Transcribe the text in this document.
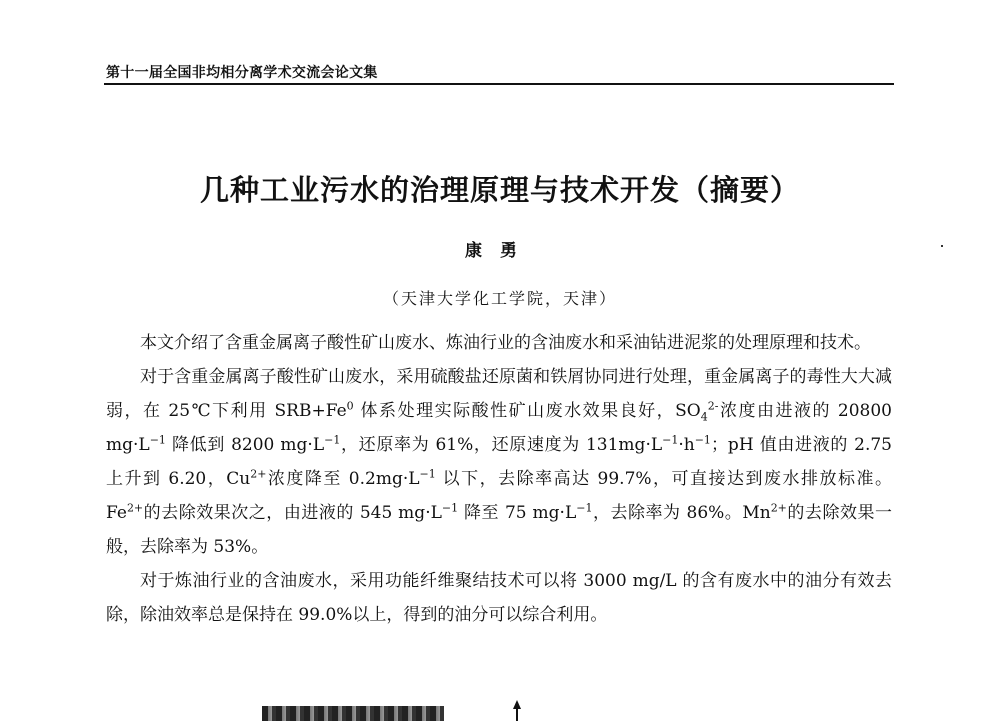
第十一届全国非均相分离学术交流会论文集
几种工业污水的治理原理与技术开发（摘要）
康勇
（天津大学化工学院，天津）

本文介绍了含重金属离子酸性矿山废水、炼油行业的含油废水和采油钻进泥浆的处理原理和技术。

对于含重金属离子酸性矿山废水，采用硫酸盐还原菌和铁屑协同进行处理，重金属离子的毒性大大减弱，在 25℃下利用 $SRB+Fe^0$ 体系处理实际酸性矿山废水效果良好，$SO_4^{2-}$浓度由进液的 20800 $mg\cdot L^{-1}$ 降低到 8200 $mg\cdot L^{-1}$，还原率为 61%，还原速度为 $131mg\cdot L^{-1}\cdot h^{-1}$；pH 值由进液的 2.75 上升到 6.20，$Cu^{2+}$浓度降至 $0.2mg\cdot L^{-1}$ 以下，去除率高达 99.7%，可直接达到废水排放标准。$Fe^{2+}$的去除效果次之，由进液的 545 $mg\cdot L^{-1}$ 降至 75 $mg\cdot L^{-1}$，去除率为 86%。$Mn^{2+}$的去除效果一般，去除率为 53%。

对于炼油行业的含油废水，采用功能纤维聚结技术可以将 3000 mg/L 的含有废水中的油分有效去除，除油效率总是保持在 99.0%以上，得到的油分可以综合利用。
